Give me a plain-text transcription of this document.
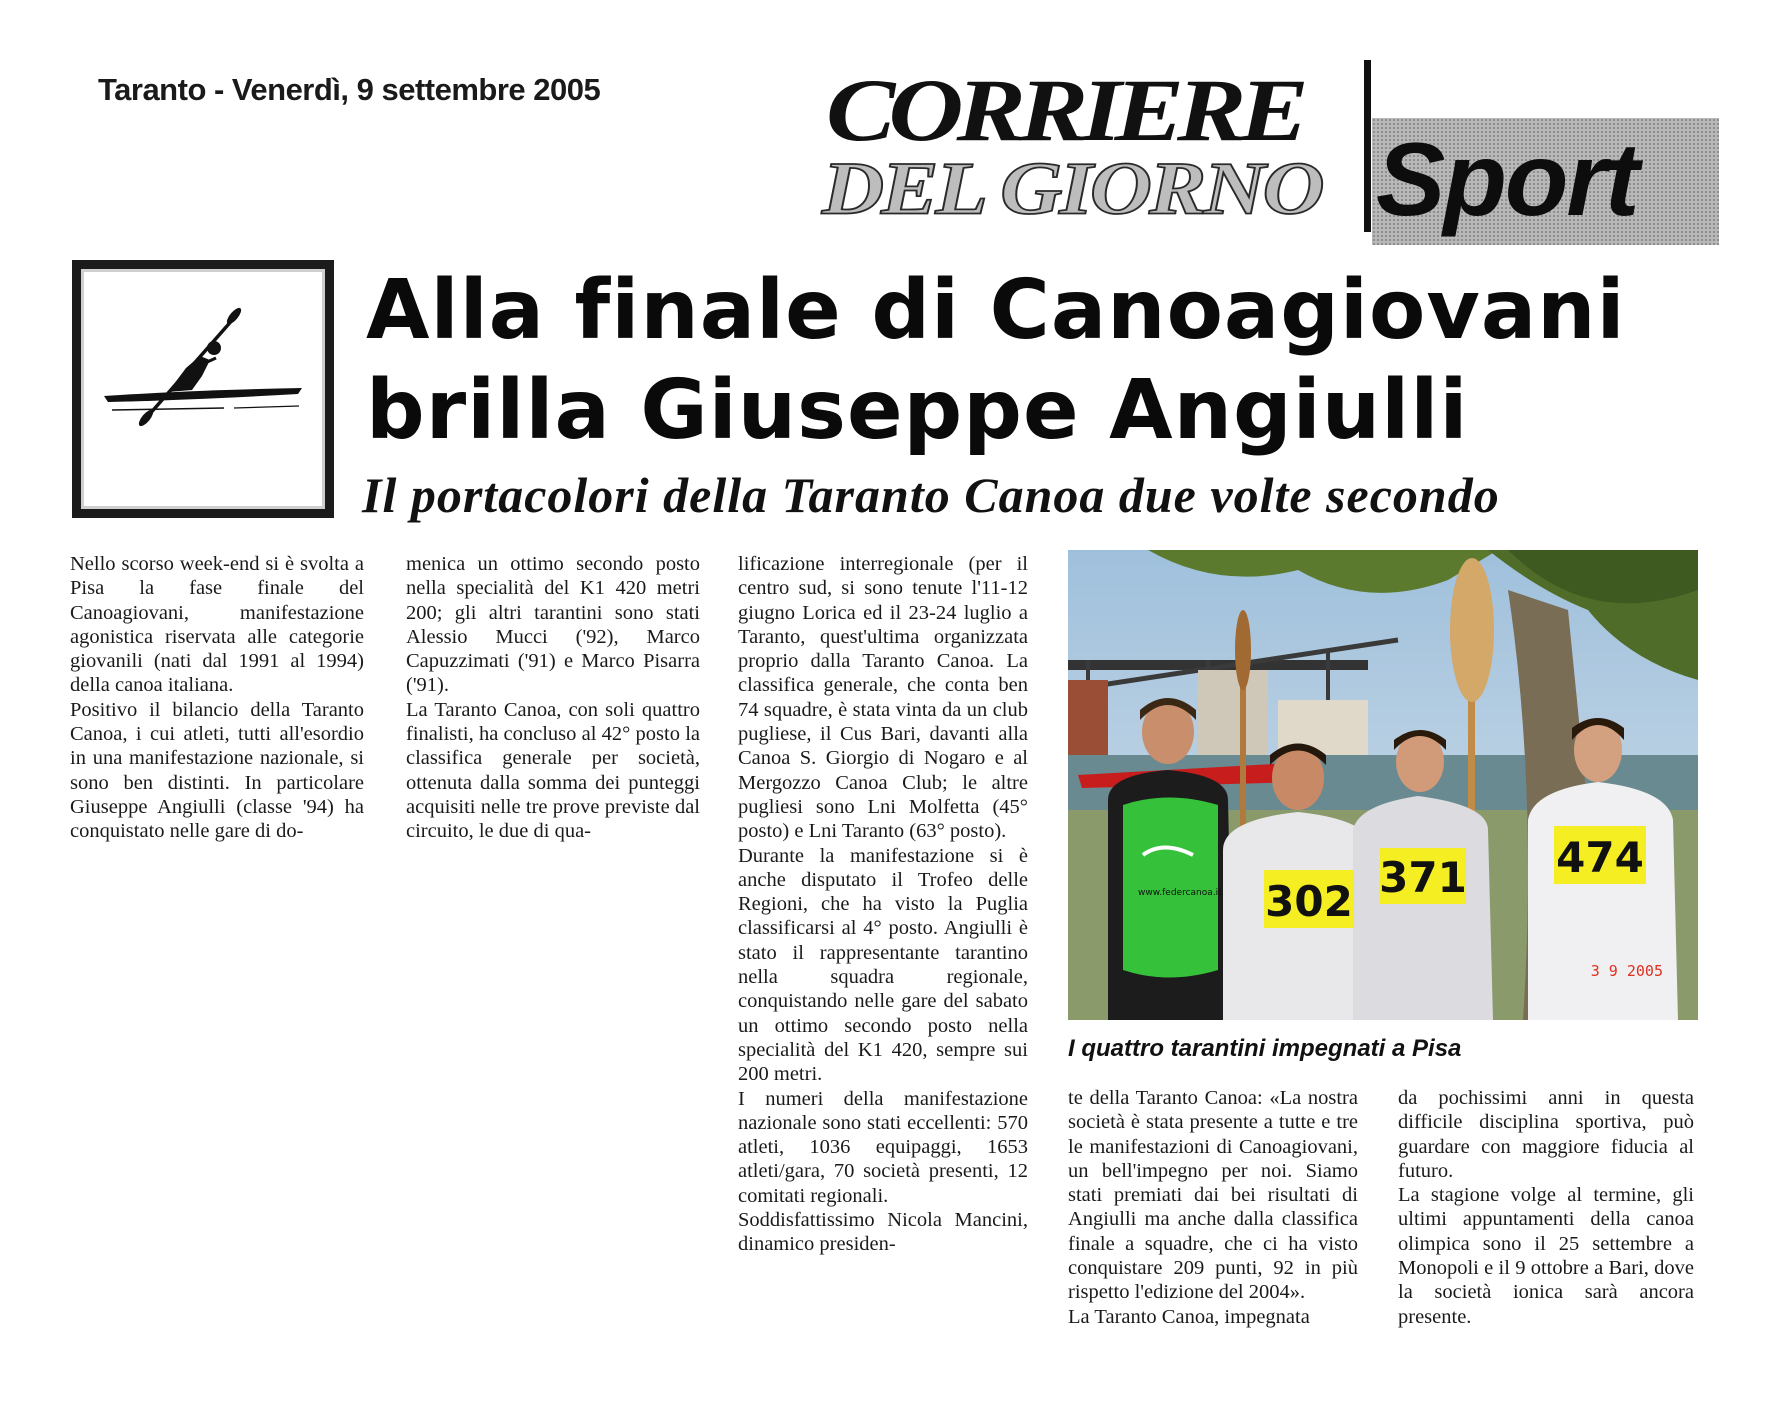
Taranto - Venerdì, 9 settembre 2005 CORRIERE
DEL GIORNO Sport
Alla finale di Canoagiovani
brilla Giuseppe Angiulli
Il portacolori della Taranto Canoa due volte secondo
Nello scorso week-end si è svolta a Pisa la fase finale del Canoagiovani, manifestazione agonistica riservata alle categorie giovanili (nati dal 1991 al 1994) della canoa italiana.
Positivo il bilancio della Taranto Canoa, i cui atleti, tutti all'esordio in una manifestazione nazionale, si sono ben distinti. In particolare Giuseppe Angiulli (classe '94) ha conquistato nelle gare di do-
menica un ottimo secondo posto nella specialità del K1 420 metri 200; gli altri tarantini sono stati Alessio Mucci ('92), Marco Capuzzimati ('91) e Marco Pisarra ('91).
La Taranto Canoa, con soli quattro finalisti, ha concluso al 42° posto la classifica generale per società, ottenuta dalla somma dei punteggi acquisiti nelle tre prove previste dal circuito, le due di qua-
lificazione interregionale (per il centro sud, si sono tenute l'11-12 giugno Lorica ed il 23-24 luglio a Taranto, quest'ultima organizzata proprio dalla Taranto Canoa. La classifica generale, che conta ben 74 squadre, è stata vinta da un club pugliese, il Cus Bari, davanti alla Canoa S. Giorgio di Nogaro e al Mergozzo Canoa Club; le altre pugliesi sono Lni Molfetta (45° posto) e Lni Taranto (63° posto).
Durante la manifestazione si è anche disputato il Trofeo delle Regioni, che ha visto la Puglia classificarsi al 4° posto. Angiulli è stato il rappresentante tarantino nella squadra regionale, conquistando nelle gare del sabato un ottimo secondo posto nella specialità del K1 420, sempre sui 200 metri.
I numeri della manifestazione nazionale sono stati eccellenti: 570 atleti, 1036 equipaggi, 1653 atleti/gara, 70 società presenti, 12 comitati regionali.
Soddisfattissimo Nicola Mancini, dinamico presiden-
www.federcanoa.it 302 371 474
3 9 2005
I quattro tarantini impegnati a Pisa
te della Taranto Canoa: «La nostra società è stata presente a tutte e tre le manifestazioni di Canoagiovani, un bell'impegno per noi. Siamo stati premiati dai bei risultati di Angiulli ma anche dalla classifica finale a squadre, che ci ha visto conquistare 209 punti, 92 in più rispetto l'edizione del 2004».
La Taranto Canoa, impegnata
da pochissimi anni in questa difficile disciplina sportiva, può guardare con maggiore fiducia al futuro.
La stagione volge al termine, gli ultimi appuntamenti della canoa olimpica sono il 25 settembre a Monopoli e il 9 ottobre a Bari, dove la società ionica sarà ancora presente.
